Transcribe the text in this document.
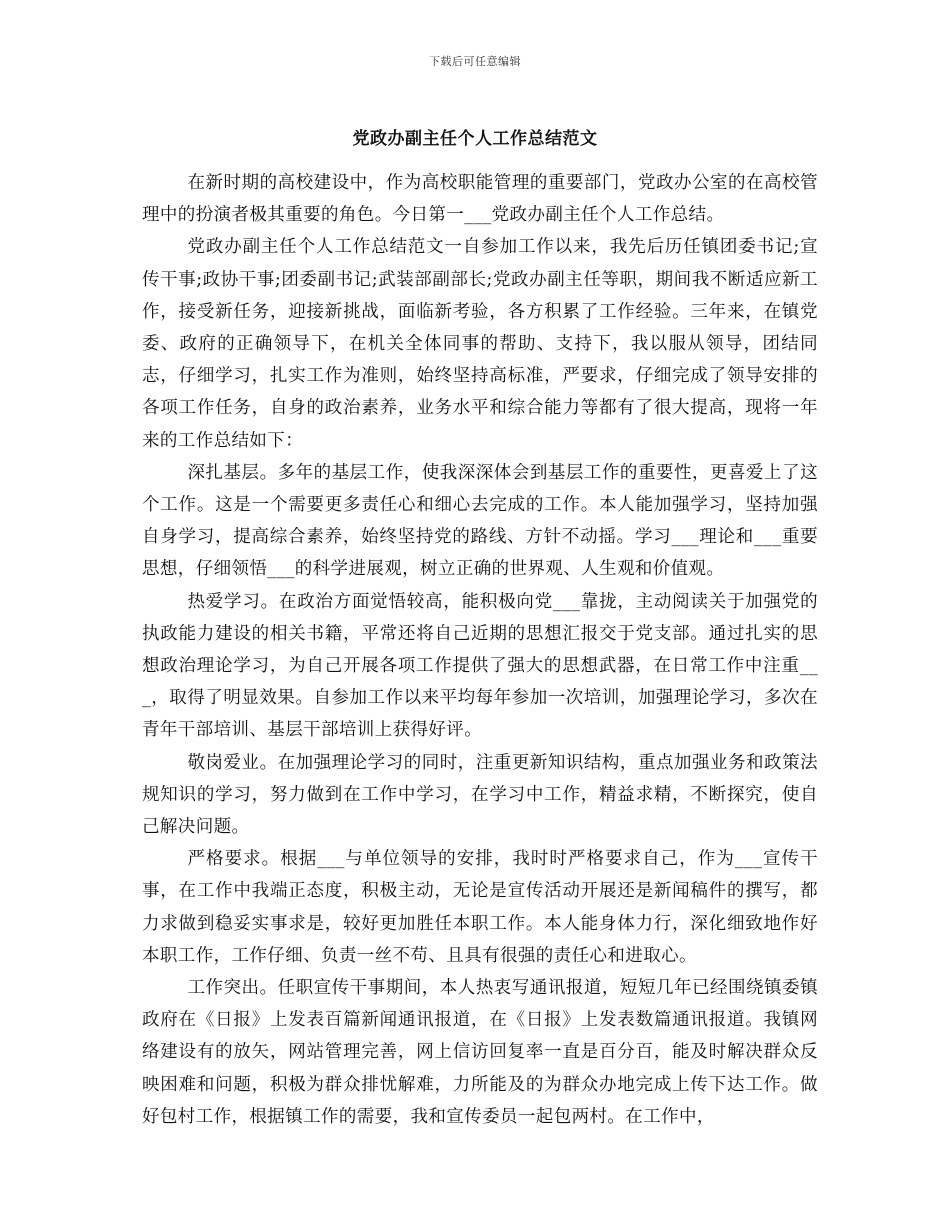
下载后可任意编辑
党政办副主任个人工作总结范文

在新时期的高校建设中，作为高校职能管理的重要部门，党政办公室的在高校管理中的扮演者极其重要的角色。今日第一___党政办副主任个人工作总结。

党政办副主任个人工作总结范文一自参加工作以来，我先后历任镇团委书记;宣传干事;政协干事;团委副书记;武装部副部长;党政办副主任等职，期间我不断适应新工作，接受新任务，迎接新挑战，面临新考验，各方积累了工作经验。三年来，在镇党委、政府的正确领导下，在机关全体同事的帮助、支持下，我以服从领导，团结同志，仔细学习，扎实工作为准则，始终坚持高标准，严要求，仔细完成了领导安排的各项工作任务，自身的政治素养，业务水平和综合能力等都有了很大提高，现将一年来的工作总结如下：

深扎基层。多年的基层工作，使我深深体会到基层工作的重要性，更喜爱上了这个工作。这是一个需要更多责任心和细心去完成的工作。本人能加强学习，坚持加强自身学习，提高综合素养，始终坚持党的路线、方针不动摇。学习___理论和___重要思想，仔细领悟___的科学进展观，树立正确的世界观、人生观和价值观。

热爱学习。在政治方面觉悟较高，能积极向党___靠拢，主动阅读关于加强党的执政能力建设的相关书籍，平常还将自己近期的思想汇报交于党支部。通过扎实的思想政治理论学习，为自己开展各项工作提供了强大的思想武器，在日常工作中注重___，取得了明显效果。自参加工作以来平均每年参加一次培训，加强理论学习，多次在青年干部培训、基层干部培训上获得好评。

敬岗爱业。在加强理论学习的同时，注重更新知识结构，重点加强业务和政策法规知识的学习，努力做到在工作中学习，在学习中工作，精益求精，不断探究，使自己解决问题。

严格要求。根据___与单位领导的安排，我时时严格要求自己，作为___宣传干事，在工作中我端正态度，积极主动，无论是宣传活动开展还是新闻稿件的撰写，都力求做到稳妥实事求是，较好更加胜任本职工作。本人能身体力行，深化细致地作好本职工作，工作仔细、负责一丝不苟、且具有很强的责任心和进取心。

工作突出。任职宣传干事期间，本人热衷写通讯报道，短短几年已经围绕镇委镇政府在《日报》上发表百篇新闻通讯报道，在《日报》上发表数篇通讯报道。我镇网络建设有的放矢，网站管理完善，网上信访回复率一直是百分百，能及时解决群众反映困难和问题，积极为群众排忧解难，力所能及的为群众办地完成上传下达工作。做好包村工作，根据镇工作的需要，我和宣传委员一起包两村。在工作中，
